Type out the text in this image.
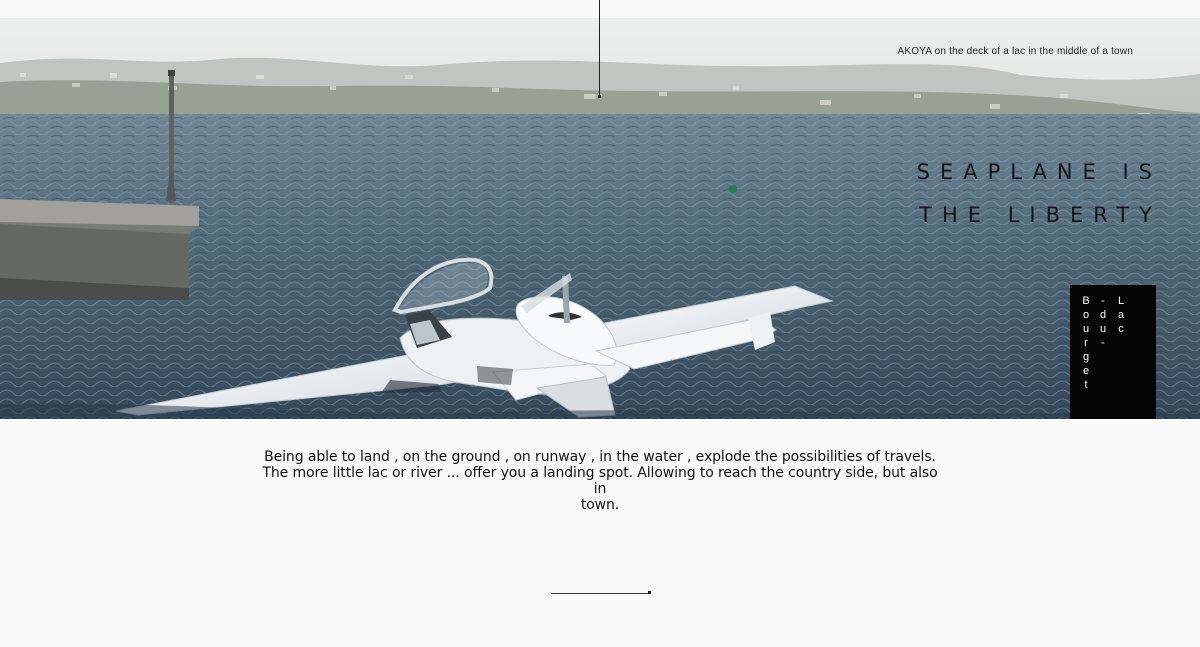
AKOYA on the deck of a lac in the middle of a town
SEAPLANE IS
THE LIBERTY
Bourget -du- Lac

Being able to land , on the ground , on runway , in the water , explode the possibilities of travels.
The more little lac or river ... offer you a landing spot. Allowing to reach the country side, but also in
town.
